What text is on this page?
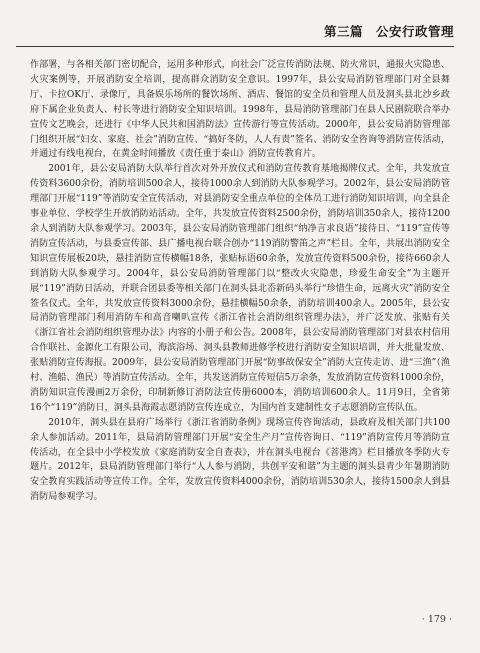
第三篇　公安行政管理

作部署，与各相关部门密切配合，运用多种形式，向社会广泛宣传消防法规、防火常识，通报火灾隐患、火灾案例等，开展消防安全培训，提高群众消防安全意识。1997年，县公安局消防管理部门对全县舞厅、卡拉OK厅、录像厅，具备娱乐场所的餐饮场所、酒店、餐馆的安全员和管理人员及洞头县北沙乡政府下属企业负责人、村长等进行消防安全知识培训。1998年，县局消防管理部门在县人民剧院联合举办宣传文艺晚会，还进行《中华人民共和国消防法》宣传游行等宣传活动。2000年，县公安局消防管理部门组织开展“妇女、家庭、社会”消防宣传、“搞好冬防，人人有责”签名、消防安全咨询等消防宣传活动，并通过有线电视台，在黄金时间播放《责任重于泰山》消防宣传教育片。

2001年，县公安局消防大队举行首次对外开放仪式和消防宣传教育基地揭牌仪式。全年，共发放宣传资料3600余份，消防培训500余人，接待1000余人到消防大队参观学习。2002年，县公安局消防管理部门开展“119”等消防安全宣传活动，对县消防安全重点单位的全体员工进行消防知识培训，向全县企事业单位、学校学生开放消防站活动。全年，共发放宣传资料2500余份，消防培训350余人，接待1200余人到消防大队参观学习。2003年，县公安局消防管理部门组织“纳净言求良语”接待日、“119”宣传等消防宣传活动，与县委宣传部、县广播电视台联合创办“119消防警笛之声”栏目。全年，共展出消防安全知识宣传展板20块，悬挂消防宣传横幅18条，张贴标语60余条，发放宣传资料500余份，接待660余人到消防大队参观学习。2004年，县公安局消防管理部门以“整改火灾隐患，珍爱生命安全”为主题开展“119”消防日活动，并联合团县委等相关部门在洞头县北岙新码头举行“珍惜生命，远离火灾”消防安全签名仪式。全年，共发放宣传资料3000余份，悬挂横幅50余条，消防培训400余人。2005年，县公安局消防管理部门利用消防车和高音喇叭宣传《浙江省社会消防组织管理办法》，并广泛发放、张贴有关《浙江省社会消防组织管理办法》内容的小册子和公告。2008年，县公安局消防管理部门对县农村信用合作联社、金源化工有限公司，海滨浴场、洞头县教师进修学校进行消防安全知识培训，并大批量发放、张贴消防宣传海报。2009年，县公安局消防管理部门开展“防事故保安全”消防大宣传走访、进“三渔”（渔村、渔船、渔民）等消防宣传活动。全年，共发送消防宣传短信5万余条，发放消防宣传资料1000余份，消防知识宣传漫画2万余份，印制新修订消防法宣传册6000本，消防培训600余人。11月9日，全省第16个“119”消防日，洞头县海霞志愿消防宣传连成立，为国内首支建制性女子志愿消防宣传队伍。

2010年，洞头县在县府广场举行《浙江省消防条例》现场宣传咨询活动，县政府及相关部门共100余人参加活动。2011年，县局消防管理部门开展“安全生产月”宣传咨询日、“119”消防宣传月等消防宣传活动，在全县中小学校发放《家庭消防安全自查表》，并在洞头电视台《菩港湾》栏目播放冬季防火专题片。2012年，县局消防管理部门举行“人人参与消防，共创平安和谐”为主题的洞头县青少年暑期消防安全教育实践活动等宣传工作。全年，发放宣传资料4000余份，消防培训530余人，接待1500余人到县消防局参观学习。

· 179 ·
